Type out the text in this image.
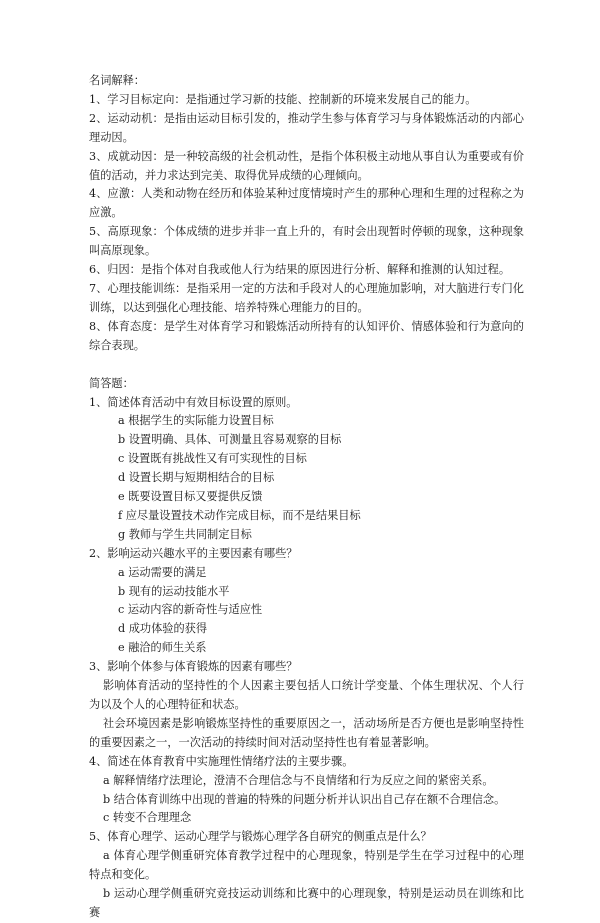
名词解释：

1、学习目标定向：是指通过学习新的技能、控制新的环境来发展自己的能力。

2、运动动机：是指由运动目标引发的，推动学生参与体育学习与身体锻炼活动的内部心理动因。

3、成就动因：是一种较高级的社会机动性，是指个体积极主动地从事自认为重要或有价值的活动，并力求达到完美、取得优异成绩的心理倾向。

4、应激：人类和动物在经历和体验某种过度情境时产生的那种心理和生理的过程称之为应激。

5、高原现象：个体成绩的进步并非一直上升的，有时会出现暂时停顿的现象，这种现象叫高原现象。

6、归因：是指个体对自我或他人行为结果的原因进行分析、解释和推测的认知过程。

7、心理技能训练：是指采用一定的方法和手段对人的心理施加影响，对大脑进行专门化训练，以达到强化心理技能、培养特殊心理能力的目的。

8、体育态度：是学生对体育学习和锻炼活动所持有的认知评价、情感体验和行为意向的综合表现。

简答题：

1、简述体育活动中有效目标设置的原则。

a 根据学生的实际能力设置目标

b 设置明确、具体、可测量且容易观察的目标

c 设置既有挑战性又有可实现性的目标

d 设置长期与短期相结合的目标

e 既要设置目标又要提供反馈

f 应尽量设置技术动作完成目标，而不是结果目标

g 教师与学生共同制定目标

2、影响运动兴趣水平的主要因素有哪些？

a 运动需要的满足

b 现有的运动技能水平

c 运动内容的新奇性与适应性

d 成功体验的获得

e 融洽的师生关系

3、影响个体参与体育锻炼的因素有哪些？

影响体育活动的坚持性的个人因素主要包括人口统计学变量、个体生理状况、个人行为以及个人的心理特征和状态。

社会环境因素是影响锻炼坚持性的重要原因之一，活动场所是否方便也是影响坚持性的重要因素之一，一次活动的持续时间对活动坚持性也有着显著影响。

4、简述在体育教育中实施理性情绪疗法的主要步骤。

a 解释情绪疗法理论，澄清不合理信念与不良情绪和行为反应之间的紧密关系。

b 结合体育训练中出现的普遍的特殊的问题分析并认识出自己存在额不合理信念。

c 转变不合理理念

5、体育心理学、运动心理学与锻炼心理学各自研究的侧重点是什么？

a 体育心理学侧重研究体育教学过程中的心理现象，特别是学生在学习过程中的心理特点和变化。

b 运动心理学侧重研究竞技运动训练和比赛中的心理现象，特别是运动员在训练和比赛
